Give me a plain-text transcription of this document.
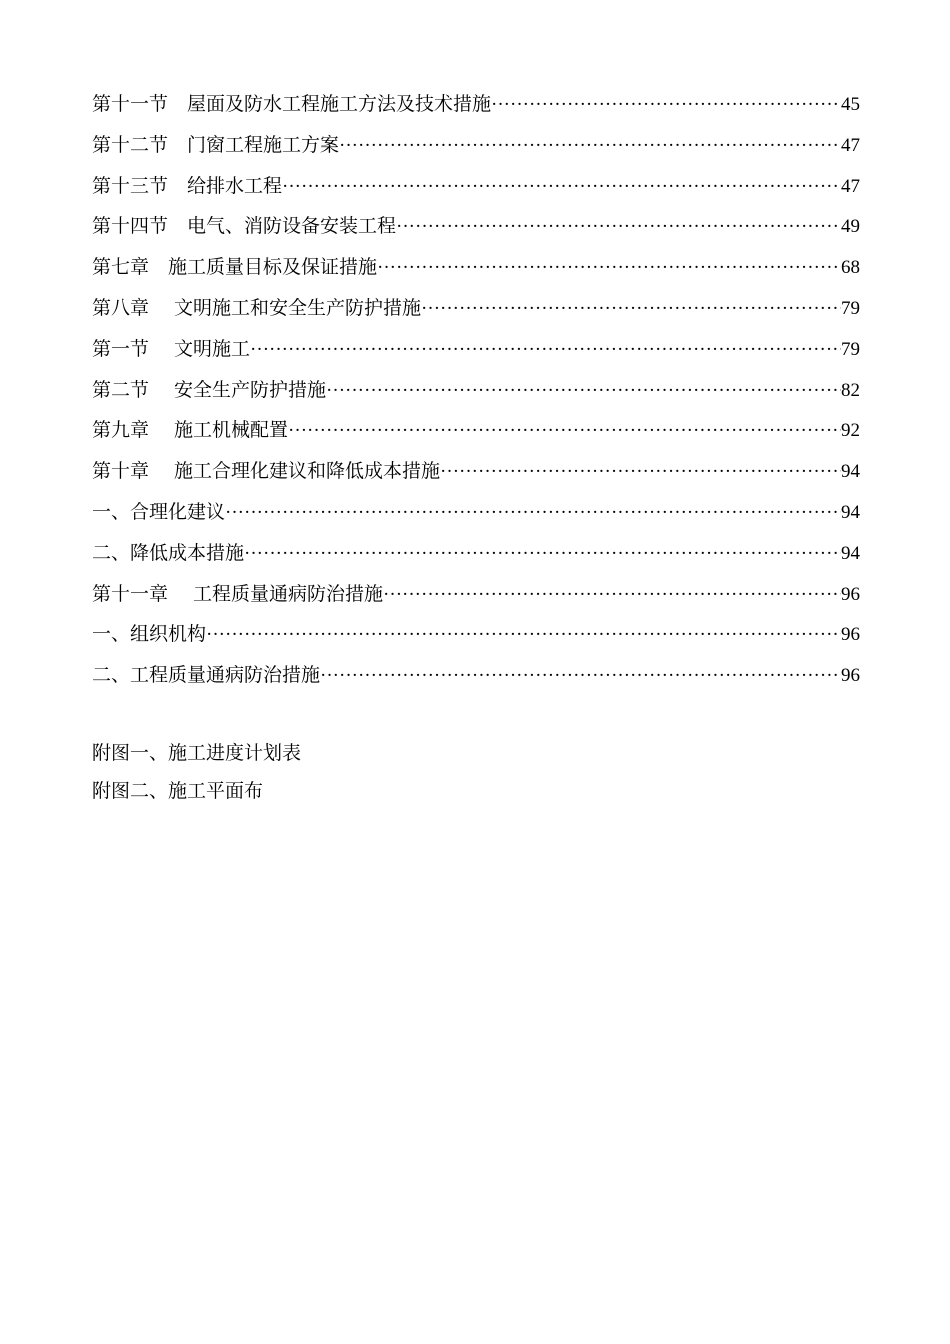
第十一节　屋面及防水工程施工方法及技术措施 ·····	45
第十二节　门窗工程施工方案 ·····	47
第十三节　给排水工程 ·····	47
第十四节　电气、消防设备安装工程 ·····	49
第七章　施工质量目标及保证措施 ·····	68
第八章　 文明施工和安全生产防护措施 ·····	79
第一节　 文明施工 ·····	79
第二节　 安全生产防护措施 ·····	82
第九章　 施工机械配置 ·····	92
第十章　 施工合理化建议和降低成本措施 ·····	94
一、合理化建议 ·····	94
二、降低成本措施 ·····	94
第十一章　 工程质量通病防治措施 ·····	96
一、组织机构 ·····	96
二、工程质量通病防治措施 ·····	96
附图一、施工进度计划表
附图二、施工平面布
